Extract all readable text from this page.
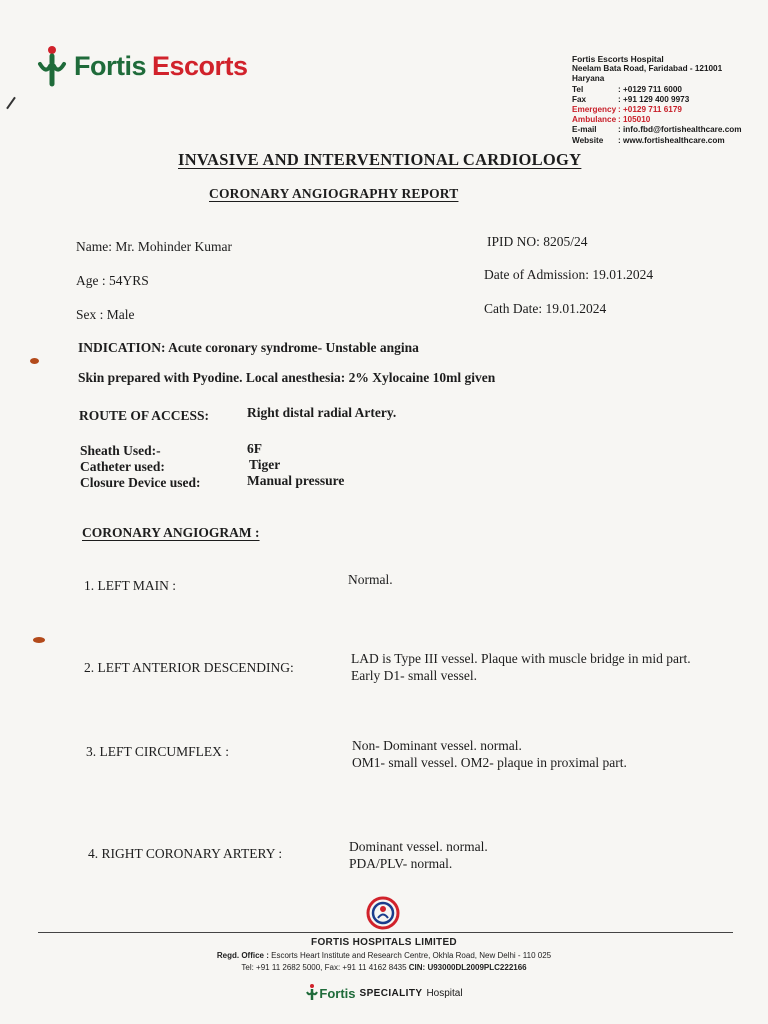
Fortis Escorts	Fortis Escorts Hospital
Neelam Bata Road, Faridabad - 121001
Haryana
Tel	: +0129 711 6000
Fax	: +91 129 400 9973
Emergency : +0129 711 6179
Ambulance : 105010
E-mail	: info.fbd@fortishealthcare.com
Website	: www.fortishealthcare.com
INVASIVE AND INTERVENTIONAL CARDIOLOGY
CORONARY ANGIOGRAPHY REPORT
Name: Mr. Mohinder Kumar
Age : 54YRS
Sex : Male
IPID NO: 8205/24
Date of Admission: 19.01.2024
Cath Date: 19.01.2024
INDICATION: Acute coronary syndrome- Unstable angina
Skin prepared with Pyodine. Local anesthesia: 2% Xylocaine 10ml given
ROUTE OF ACCESS:	Right distal radial Artery.
Sheath Used:-	6F
Catheter used:	Tiger
Closure Device used:	Manual pressure
CORONARY ANGIOGRAM :
1. LEFT MAIN :	Normal.
2. LEFT ANTERIOR DESCENDING:
LAD is Type III vessel. Plaque with muscle bridge in mid part.
Early D1- small vessel.
3. LEFT CIRCUMFLEX :	Non- Dominant vessel. normal.
OM1- small vessel. OM2- plaque in proximal part.
4. RIGHT CORONARY ARTERY :	Dominant vessel. normal.
PDA/PLV- normal.
FORTIS HOSPITALS LIMITED
Regd. Office : Escorts Heart Institute and Research Centre, Okhla Road, New Delhi - 110 025
Tel: +91 11 2682 5000, Fax: +91 11 4162 8435 CIN: U93000DL2009PLC222166
Fortis SPECIALITY Hospital
